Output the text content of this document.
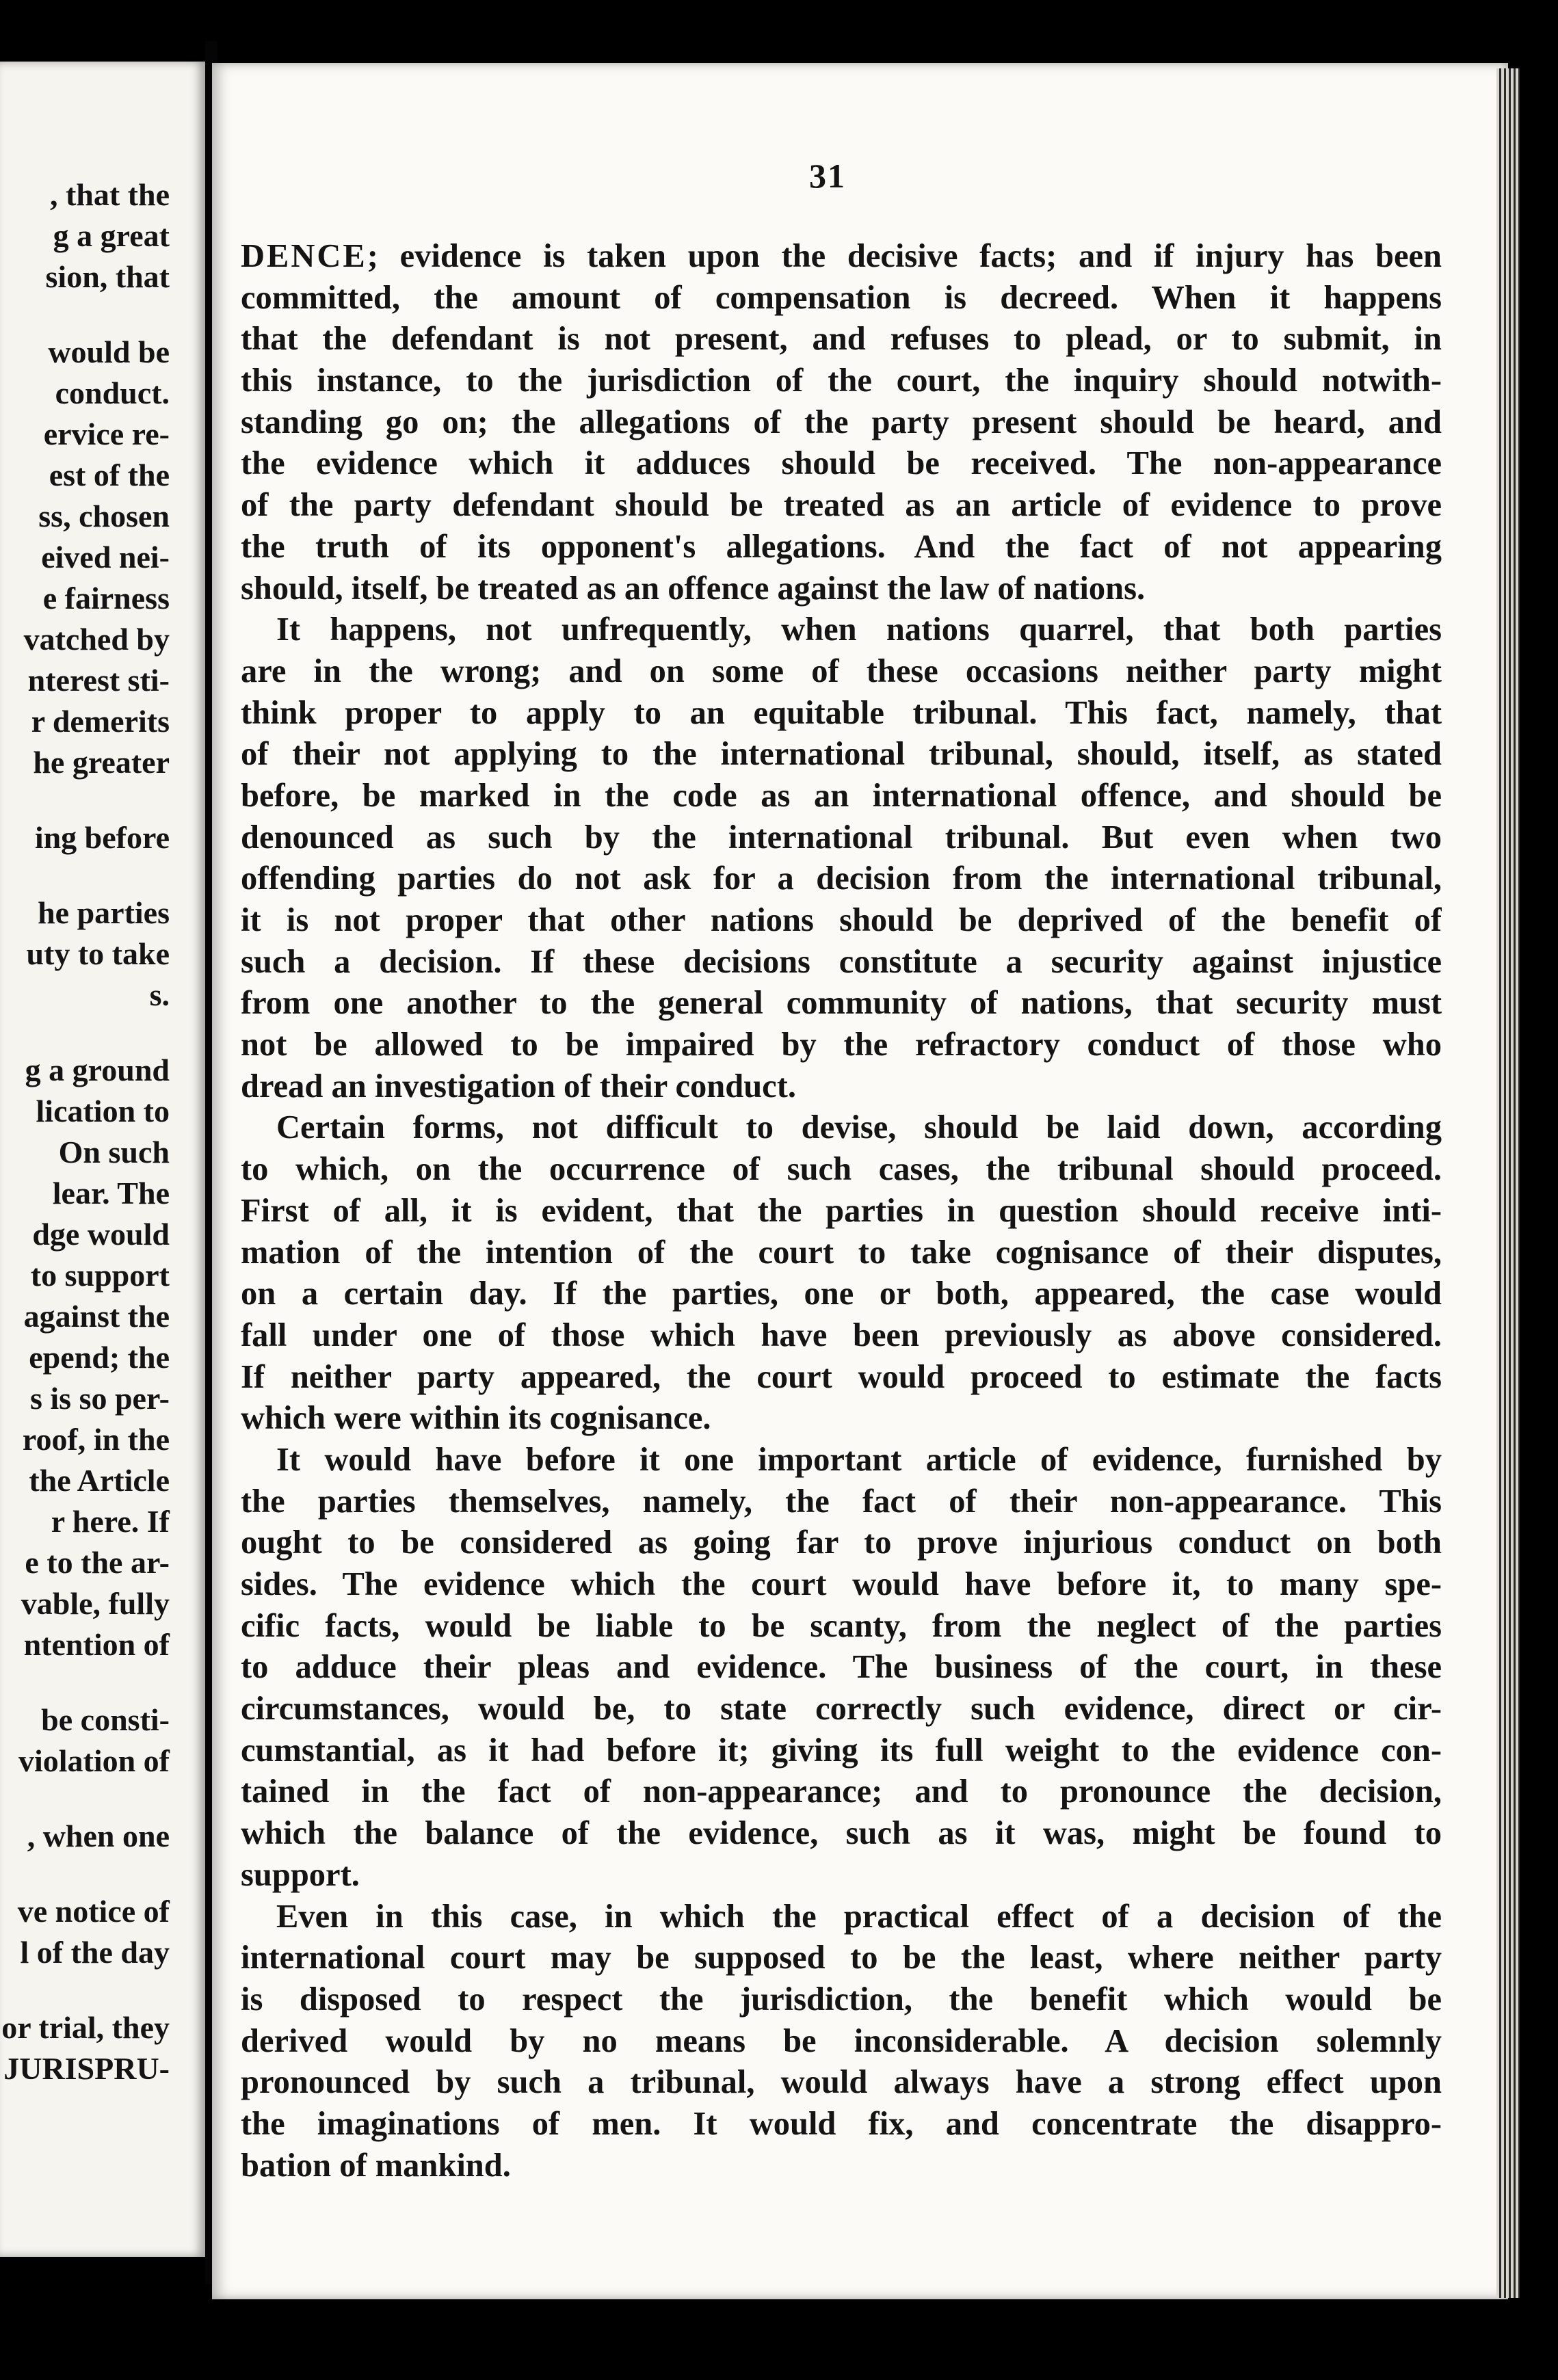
, that the
g a great
sion, that
would be
conduct.
ervice re-
est of the
ss, chosen
eived nei-
e fairness
vatched by
nterest sti-
r demerits
he greater
ing before
he parties
uty to take
s.
g a ground
lication to
On such
lear. The
dge would
to support
against the
epend; the
s is so per-
roof, in the
the Article
r here. If
e to the ar-
vable, fully
ntention of
be consti-
violation of
, when one
ve notice of
l of the day
or trial, they
JURISPRU-
31
DENCE; evidence is taken upon the decisive facts; and if injury has been
committed, the amount of compensation is decreed. When it happens
that the defendant is not present, and refuses to plead, or to submit, in
this instance, to the jurisdiction of the court, the inquiry should notwith-
standing go on; the allegations of the party present should be heard, and
the evidence which it adduces should be received. The non-appearance
of the party defendant should be treated as an article of evidence to prove
the truth of its opponent's allegations. And the fact of not appearing
should, itself, be treated as an offence against the law of nations.
It happens, not unfrequently, when nations quarrel, that both parties
are in the wrong; and on some of these occasions neither party might
think proper to apply to an equitable tribunal. This fact, namely, that
of their not applying to the international tribunal, should, itself, as stated
before, be marked in the code as an international offence, and should be
denounced as such by the international tribunal. But even when two
offending parties do not ask for a decision from the international tribunal,
it is not proper that other nations should be deprived of the benefit of
such a decision. If these decisions constitute a security against injustice
from one another to the general community of nations, that security must
not be allowed to be impaired by the refractory conduct of those who
dread an investigation of their conduct.
Certain forms, not difficult to devise, should be laid down, according
to which, on the occurrence of such cases, the tribunal should proceed.
First of all, it is evident, that the parties in question should receive inti-
mation of the intention of the court to take cognisance of their disputes,
on a certain day. If the parties, one or both, appeared, the case would
fall under one of those which have been previously as above considered.
If neither party appeared, the court would proceed to estimate the facts
which were within its cognisance.
It would have before it one important article of evidence, furnished by
the parties themselves, namely, the fact of their non-appearance. This
ought to be considered as going far to prove injurious conduct on both
sides. The evidence which the court would have before it, to many spe-
cific facts, would be liable to be scanty, from the neglect of the parties
to adduce their pleas and evidence. The business of the court, in these
circumstances, would be, to state correctly such evidence, direct or cir-
cumstantial, as it had before it; giving its full weight to the evidence con-
tained in the fact of non-appearance; and to pronounce the decision,
which the balance of the evidence, such as it was, might be found to
support.
Even in this case, in which the practical effect of a decision of the
international court may be supposed to be the least, where neither party
is disposed to respect the jurisdiction, the benefit which would be
derived would by no means be inconsiderable. A decision solemnly
pronounced by such a tribunal, would always have a strong effect upon
the imaginations of men. It would fix, and concentrate the disappro-
bation of mankind.
